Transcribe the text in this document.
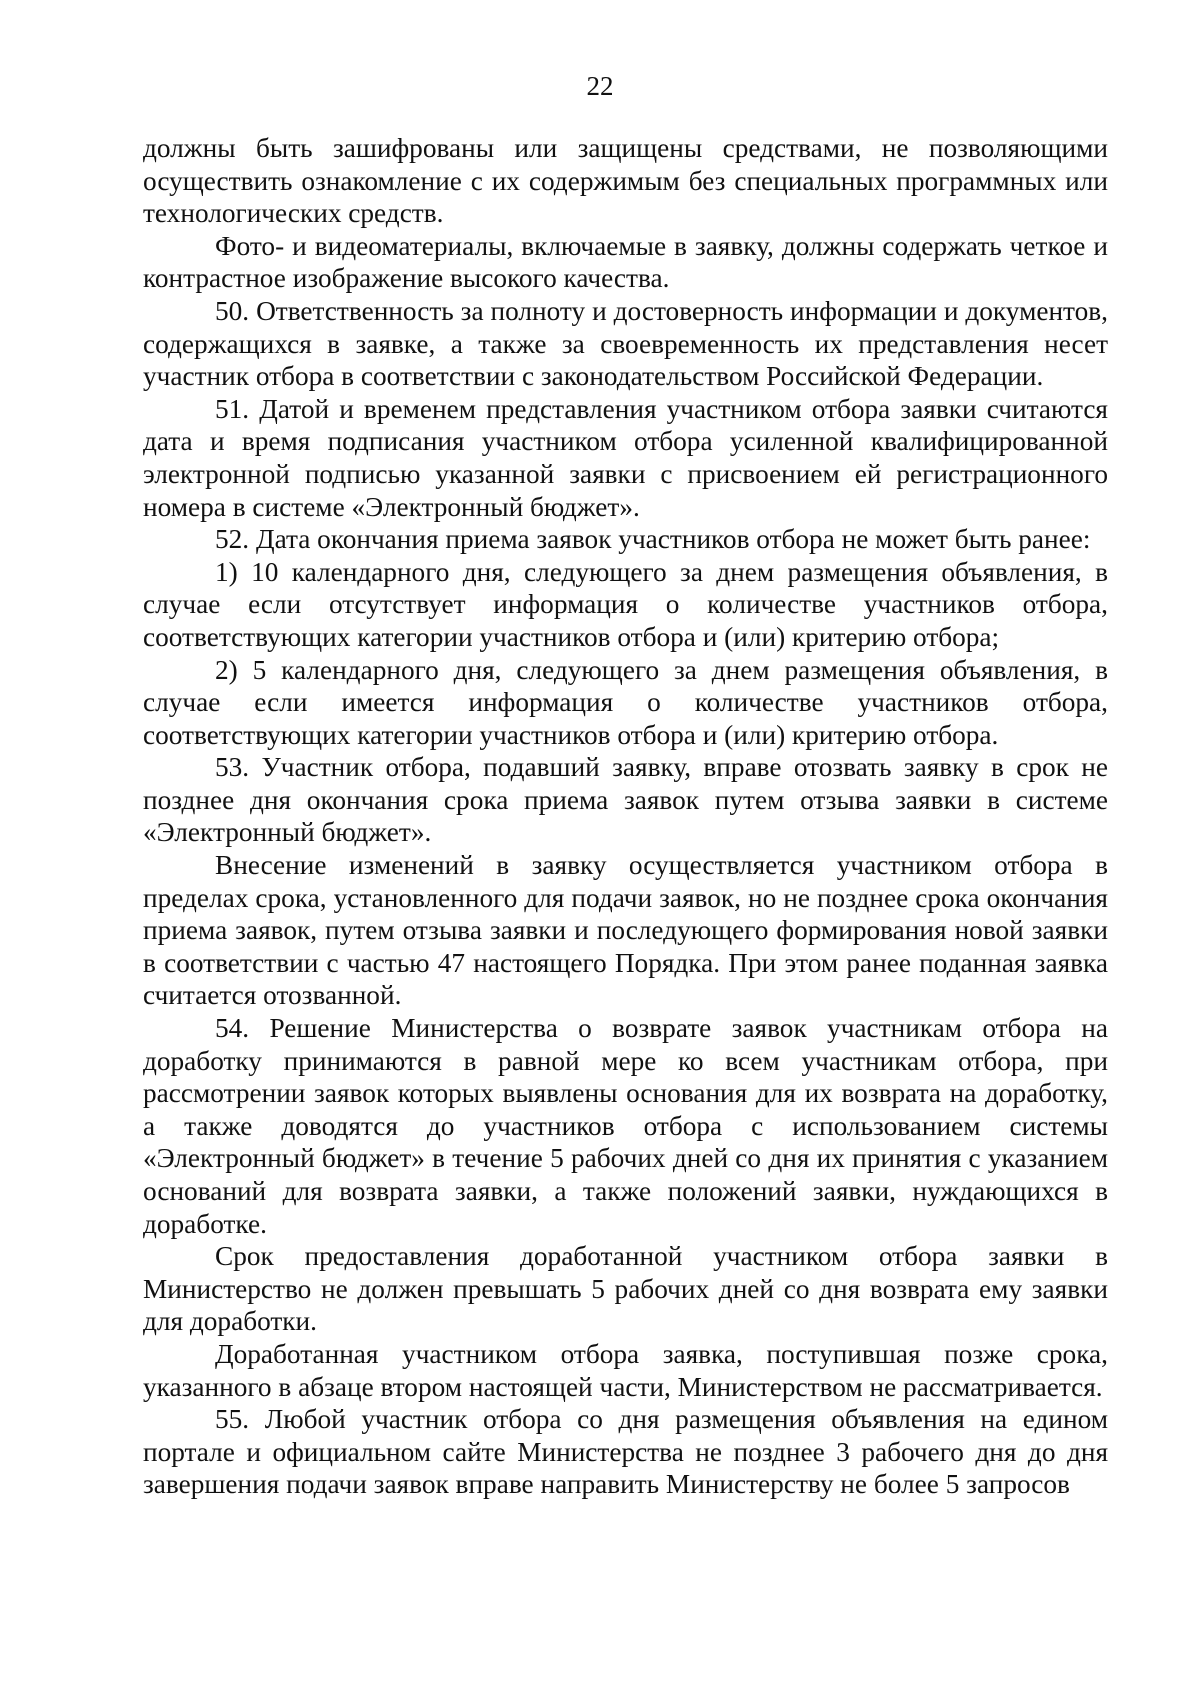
22

должны быть зашифрованы или защищены средствами, не позволяющими осуществить ознакомление с их содержимым без специальных программных или технологических средств.

Фото- и видеоматериалы, включаемые в заявку, должны содержать четкое и контрастное изображение высокого качества.

50. Ответственность за полноту и достоверность информации и документов, содержащихся в заявке, а также за своевременность их представления несет участник отбора в соответствии с законодательством Российской Федерации.

51. Датой и временем представления участником отбора заявки считаются дата и время подписания участником отбора усиленной квалифицированной электронной подписью указанной заявки с присвоением ей регистрационного номера в системе «Электронный бюджет».

52. Дата окончания приема заявок участников отбора не может быть ранее:

1) 10 календарного дня, следующего за днем размещения объявления, в случае если отсутствует информация о количестве участников отбора, соответствующих категории участников отбора и (или) критерию отбора;

2) 5 календарного дня, следующего за днем размещения объявления, в случае если имеется информация о количестве участников отбора, соответствующих категории участников отбора и (или) критерию отбора.

53. Участник отбора, подавший заявку, вправе отозвать заявку в срок не позднее дня окончания срока приема заявок путем отзыва заявки в системе «Электронный бюджет».

Внесение изменений в заявку осуществляется участником отбора в пределах срока, установленного для подачи заявок, но не позднее срока окончания приема заявок, путем отзыва заявки и последующего формирования новой заявки в соответствии с частью 47 настоящего Порядка. При этом ранее поданная заявка считается отозванной.

54. Решение Министерства о возврате заявок участникам отбора на доработку принимаются в равной мере ко всем участникам отбора, при рассмотрении заявок которых выявлены основания для их возврата на доработку, а также доводятся до участников отбора с использованием системы «Электронный бюджет» в течение 5 рабочих дней со дня их принятия с указанием оснований для возврата заявки, а также положений заявки, нуждающихся в доработке.

Срок предоставления доработанной участником отбора заявки в Министерство не должен превышать 5 рабочих дней со дня возврата ему заявки для доработки.

Доработанная участником отбора заявка, поступившая позже срока, указанного в абзаце втором настоящей части, Министерством не рассматривается.

55. Любой участник отбора со дня размещения объявления на едином портале и официальном сайте Министерства не позднее 3 рабочего дня до дня завершения подачи заявок вправе направить Министерству не более 5 запросов
